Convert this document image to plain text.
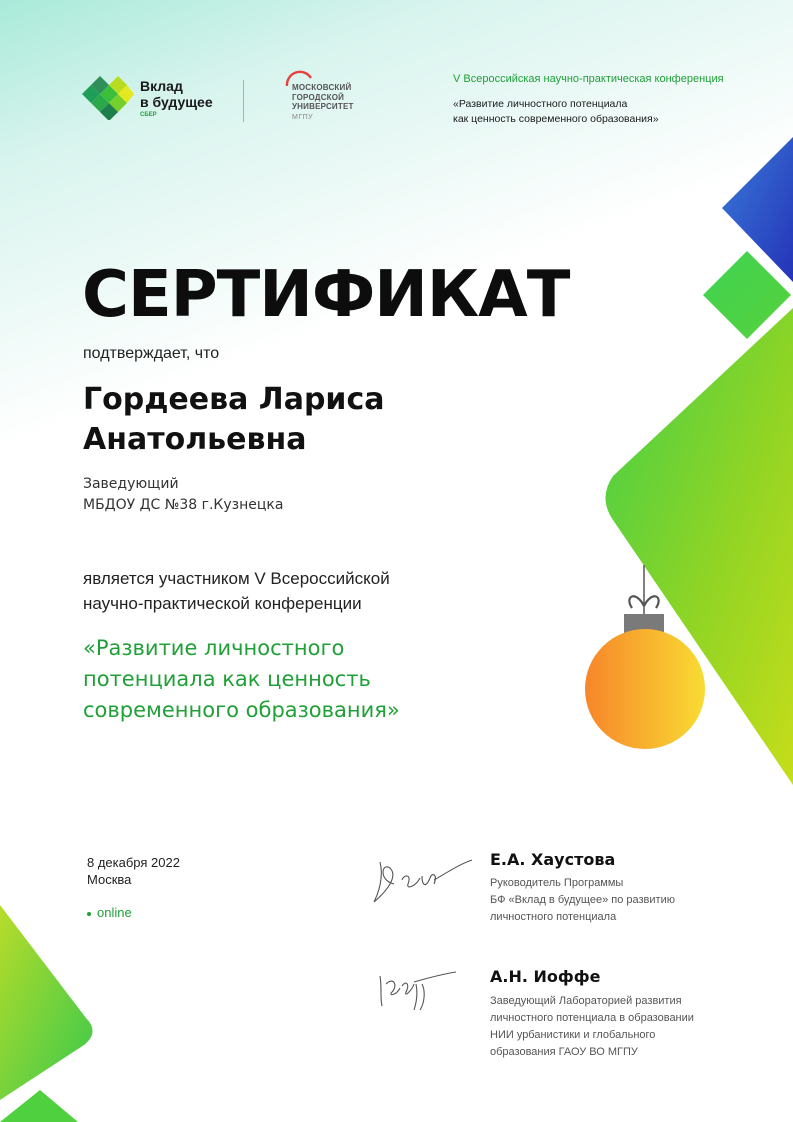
Вклад
в будущее
СБЕР
МОСКОВСКИЙ
ГОРОДСКОЙ
УНИВЕРСИТЕТ
МГПУ
V Всероссийская научно-практическая конференция
«Развитие личностного потенциала
как ценность современного образования»
СЕРТИФИКАТ
подтверждает, что
Гордеева Лариса
Анатольевна
Заведующий
МБДОУ ДС №38 г.Кузнецка
является участником V Всероссийской
научно-практической конференции
«Развитие личностного
потенциала как ценность
современного образования»
8 декабря 2022
Москва
online
Е.А. Хаустова
Руководитель Программы
БФ «Вклад в будущее» по развитию
личностного потенциала
А.Н. Иоффе
Заведующий Лабораторией развития
личностного потенциала в образовании
НИИ урбанистики и глобального
образования ГАОУ ВО МГПУ
